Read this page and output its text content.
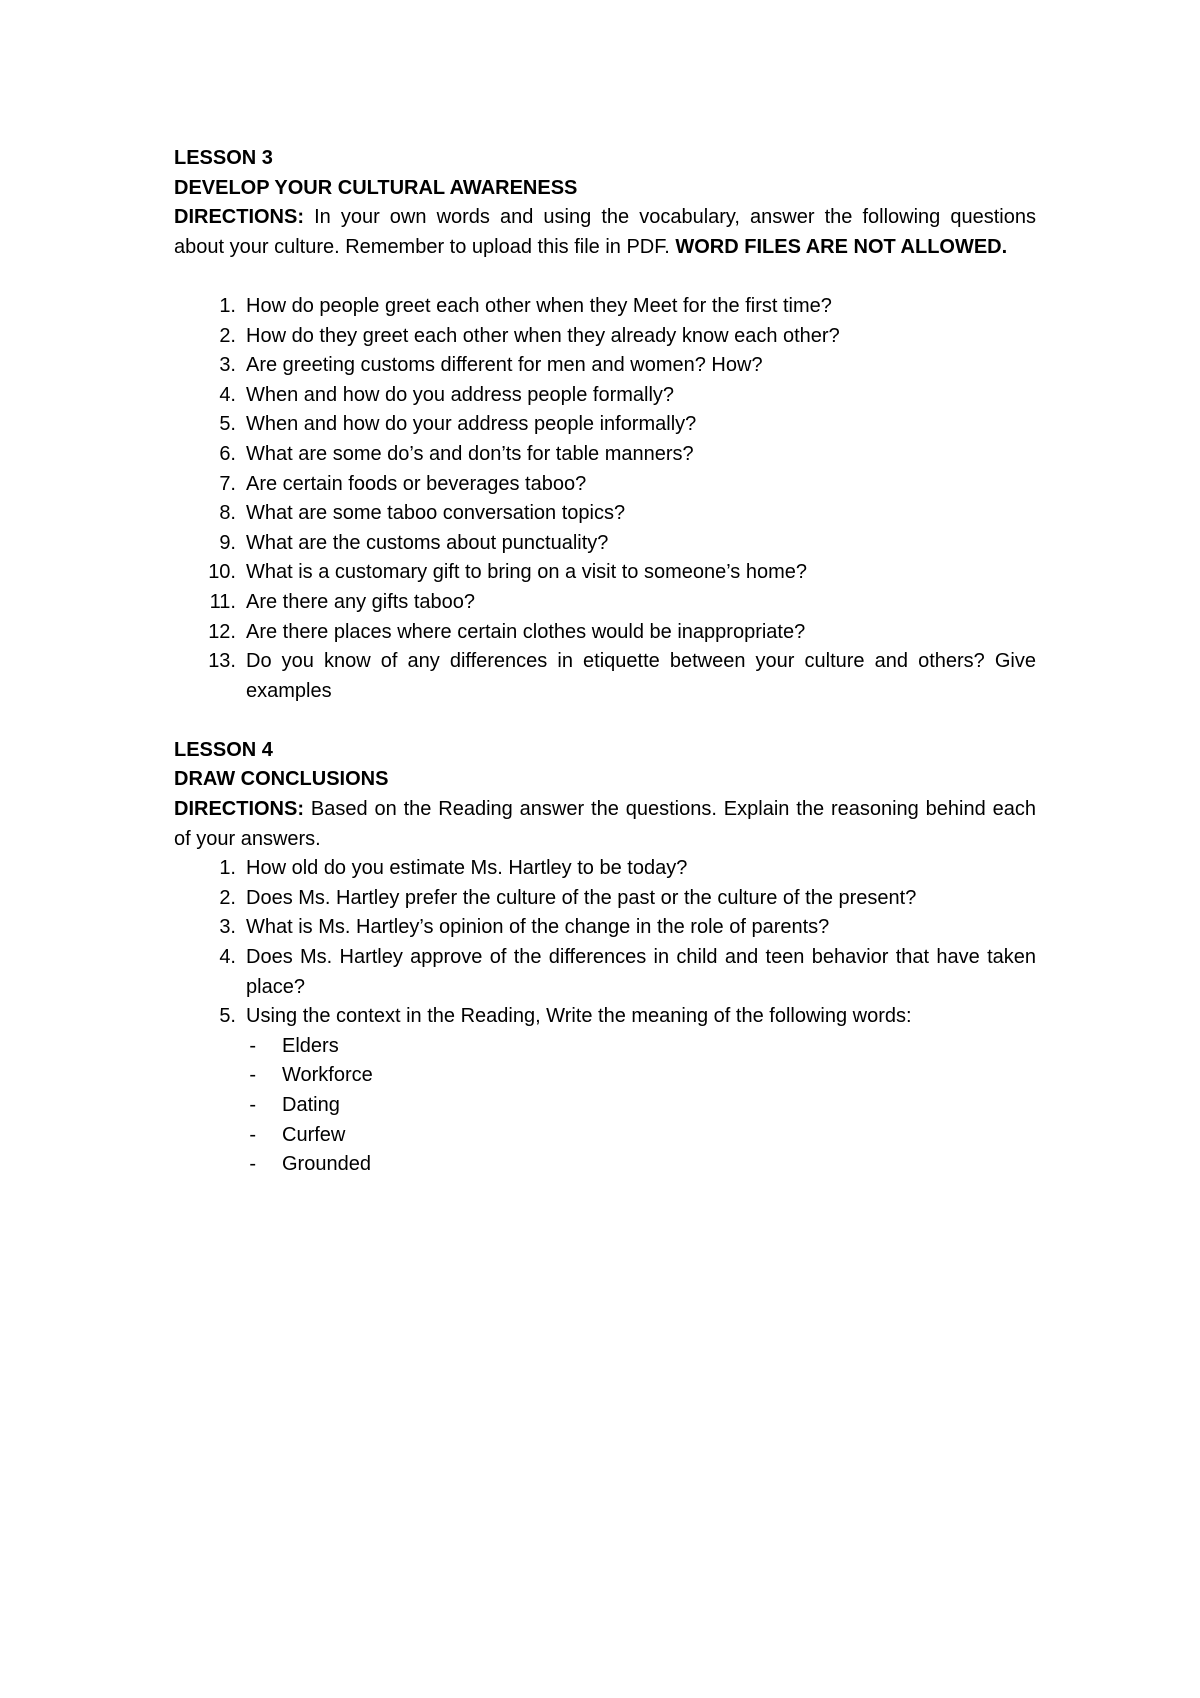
LESSON 3
DEVELOP YOUR CULTURAL AWARENESS
DIRECTIONS: In your own words and using the vocabulary, answer the following questions about your culture. Remember to upload this file in PDF. WORD FILES ARE NOT ALLOWED.
1. How do people greet each other when they Meet for the first time?
2. How do they greet each other when they already know each other?
3. Are greeting customs different for men and women? How?
4. When and how do you address people formally?
5. When and how do your address people informally?
6. What are some do’s and don’ts for table manners?
7. Are certain foods or beverages taboo?
8. What are some taboo conversation topics?
9. What are the customs about punctuality?
10. What is a customary gift to bring on a visit to someone’s home?
11. Are there any gifts taboo?
12. Are there places where certain clothes would be inappropriate?
13. Do you know of any differences in etiquette between your culture and others? Give examples
LESSON 4
DRAW CONCLUSIONS
DIRECTIONS: Based on the Reading answer the questions. Explain the reasoning behind each of your answers.
1. How old do you estimate Ms. Hartley to be today?
2. Does Ms. Hartley prefer the culture of the past or the culture of the present?
3. What is Ms. Hartley’s opinion of the change in the role of parents?
4. Does Ms. Hartley approve of the differences in child and teen behavior that have taken place?
5. Using the context in the Reading, Write the meaning of the following words:
-	Elders
-	Workforce
-	Dating
-	Curfew
-	Grounded
